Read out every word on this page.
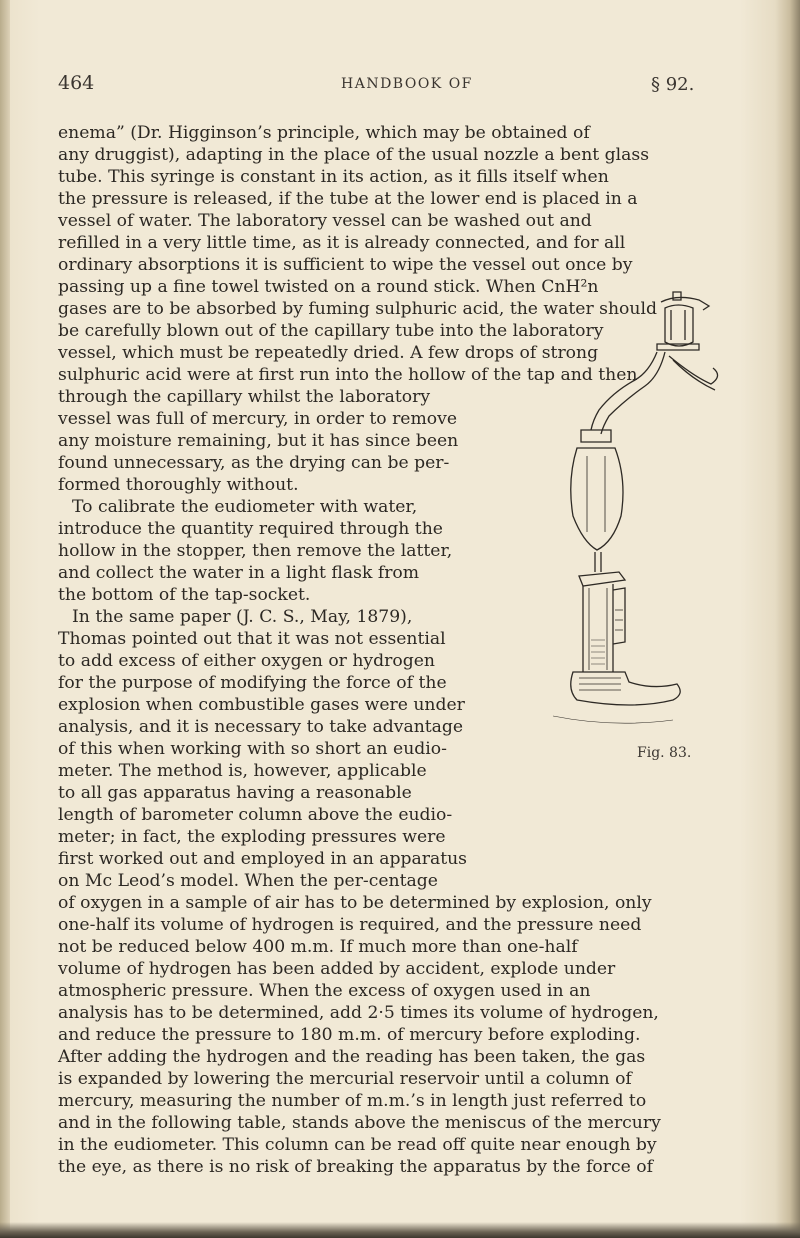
464	HANDBOOK OF	§ 92.
enema” (Dr. Higginson’s principle, which may be obtained of
any druggist), adapting in the place of the usual nozzle a bent glass
tube. This syringe is constant in its action, as it fills itself when
the pressure is released, if the tube at the lower end is placed in a
vessel of water. The laboratory vessel can be washed out and
refilled in a very little time, as it is already connected, and for all
ordinary absorptions it is sufficient to wipe the vessel out once by
passing up a fine towel twisted on a round stick. When CnH²n
gases are to be absorbed by fuming sulphuric acid, the water should
be carefully blown out of the capillary tube into the laboratory
vessel, which must be repeatedly dried. A few drops of strong
sulphuric acid were at first run into the hollow of the tap and then
through the capillary whilst the laboratory
vessel was full of mercury, in order to remove
any moisture remaining, but it has since been
found unnecessary, as the drying can be per-
formed thoroughly without.
To calibrate the eudiometer with water,
introduce the quantity required through the
hollow in the stopper, then remove the latter,
and collect the water in a light flask from
the bottom of the tap-socket.
In the same paper (J. C. S., May, 1879),
Thomas pointed out that it was not essential
to add excess of either oxygen or hydrogen
for the purpose of modifying the force of the
explosion when combustible gases were under
analysis, and it is necessary to take advantage
of this when working with so short an eudio-
meter. The method is, however, applicable
to all gas apparatus having a reasonable
length of barometer column above the eudio-
meter; in fact, the exploding pressures were
first worked out and employed in an apparatus
on Mc Leod’s model. When the per-centage
of oxygen in a sample of air has to be determined by explosion, only
one-half its volume of hydrogen is required, and the pressure need
not be reduced below 400 m.m. If much more than one-half
volume of hydrogen has been added by accident, explode under
atmospheric pressure. When the excess of oxygen used in an
analysis has to be determined, add 2·5 times its volume of hydrogen,
and reduce the pressure to 180 m.m. of mercury before exploding.
After adding the hydrogen and the reading has been taken, the gas
is expanded by lowering the mercurial reservoir until a column of
mercury, measuring the number of m.m.’s in length just referred to
and in the following table, stands above the meniscus of the mercury
in the eudiometer. This column can be read off quite near enough by
the eye, as there is no risk of breaking the apparatus by the force of
Fig. 83.
